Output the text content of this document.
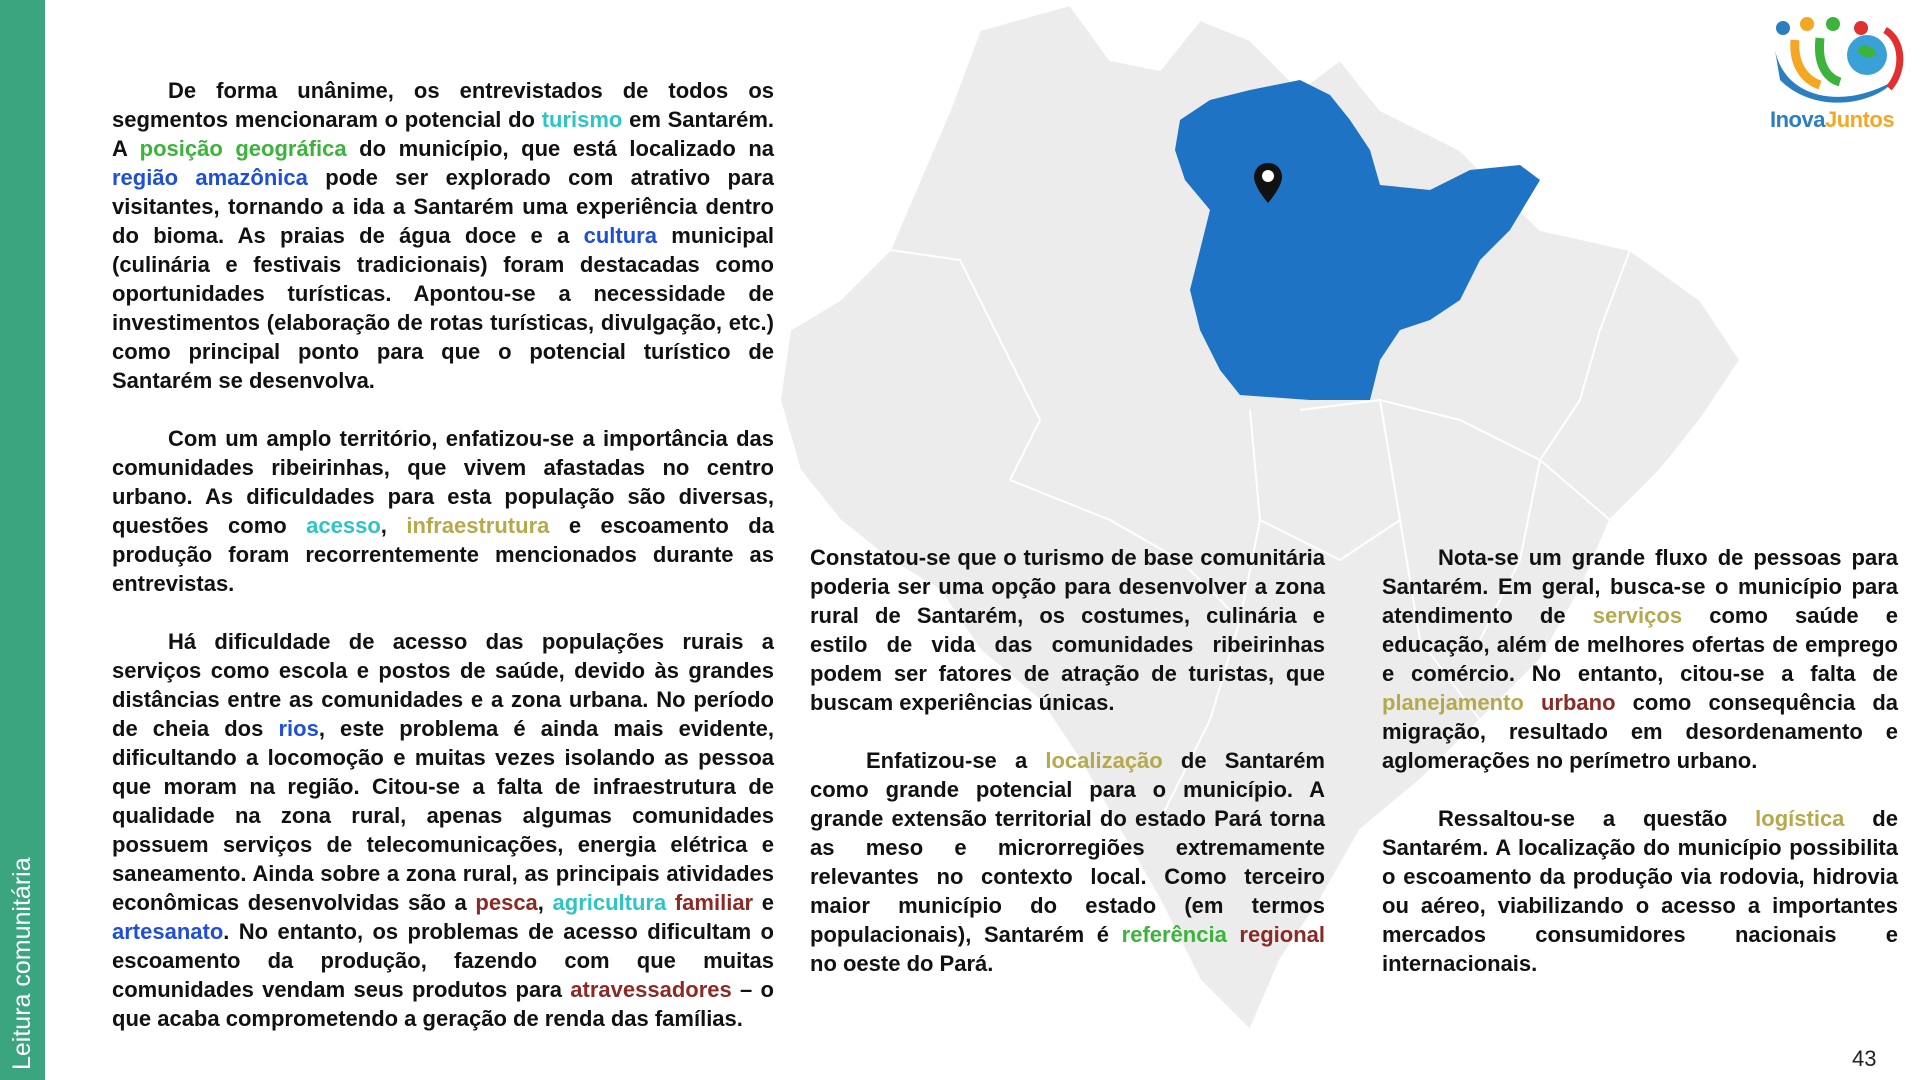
Leitura comunitária
InovaJuntos

De forma unânime, os entrevistados de todos os segmentos mencionaram o potencial do turismo em Santarém. A posição geográfica do município, que está localizado na região amazônica pode ser explorado com atrativo para visitantes, tornando a ida a Santarém uma experiência dentro do bioma. As praias de água doce e a cultura municipal (culinária e festivais tradicionais) foram destacadas como oportunidades turísticas. Apontou-se a necessidade de investimentos (elaboração de rotas turísticas, divulgação, etc.) como principal ponto para que o potencial turístico de Santarém se desenvolva.

Com um amplo território, enfatizou-se a importância das comunidades ribeirinhas, que vivem afastadas no centro urbano. As dificuldades para esta população são diversas, questões como acesso, infraestrutura e escoamento da produção foram recorrentemente mencionados durante as entrevistas.

Há dificuldade de acesso das populações rurais a serviços como escola e postos de saúde, devido às grandes distâncias entre as comunidades e a zona urbana. No período de cheia dos rios, este problema é ainda mais evidente, dificultando a locomoção e muitas vezes isolando as pessoa que moram na região. Citou-se a falta de infraestrutura de qualidade na zona rural, apenas algumas comunidades possuem serviços de telecomunicações, energia elétrica e saneamento. Ainda sobre a zona rural, as principais atividades econômicas desenvolvidas são a pesca, agricultura familiar e artesanato. No entanto, os problemas de acesso dificultam o escoamento da produção, fazendo com que muitas comunidades vendam seus produtos para atravessadores – o que acaba comprometendo a geração de renda das famílias.

Constatou-se que o turismo de base comunitária poderia ser uma opção para desenvolver a zona rural de Santarém, os costumes, culinária e estilo de vida das comunidades ribeirinhas podem ser fatores de atração de turistas, que buscam experiências únicas.

Enfatizou-se a localização de Santarém como grande potencial para o município. A grande extensão territorial do estado Pará torna as meso e microrregiões extremamente relevantes no contexto local. Como terceiro maior município do estado (em termos populacionais), Santarém é referência regional no oeste do Pará.

Nota-se um grande fluxo de pessoas para Santarém. Em geral, busca-se o município para atendimento de serviços como saúde e educação, além de melhores ofertas de emprego e comércio. No entanto, citou-se a falta de planejamento urbano como consequência da migração, resultado em desordenamento e aglomerações no perímetro urbano.

Ressaltou-se a questão logística de Santarém. A localização do município possibilita o escoamento da produção via rodovia, hidrovia ou aéreo, viabilizando o acesso a importantes mercados consumidores nacionais e internacionais.

43
